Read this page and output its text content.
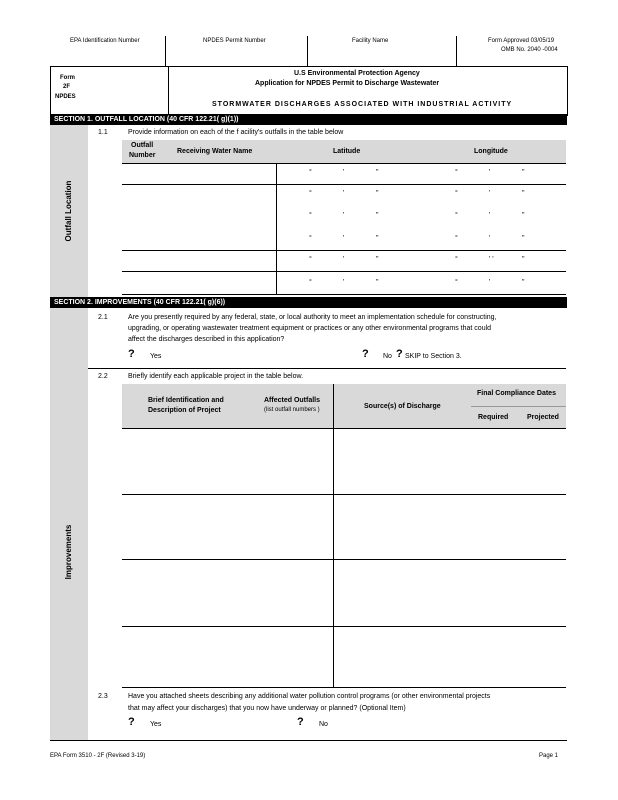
EPA Identification Number	NPDES Permit Number	Facility Name	Form Approved 03/05/19
OMB No. 2040 -0004
Form
2F
NPDES
U.S Environmental Protection Agency
Application for NPDES Permit to Discharge Wastewater
STORMWATER DISCHARGES ASSOCIATED WITH INDUSTRIAL ACTIVITY
SECTION 1. OUTFALL LOCATION (40 CFR 122.21( g)(1))
Outfall Location
1.1	Provide information on each of the f acility's outfalls in the table below
Outfall
Number
Receiving Water Name	Latitude	Longitude
°	'	"	°	'	"
°	'	"	°	'	"
°	'	"	°	'	"
°	'	"	°	'	"
°	'	"	°	' '	"
°	'	"	°	'	"
SECTION 2. IMPROVEMENTS (40 CFR 122.21( g)(6))
Improvements
2.1	Are you presently required by any federal, state, or local authority to meet an implementation schedule for constructing,
upgrading, or operating wastewater treatment equipment or practices or any other environmental programs that could
affect the discharges described in this application?
? Yes	? No ? SKIP to Section 3.
2.2	Briefly identify each applicable project in the table below.
Brief Identification and
Description of Project
Affected Outfalls
(list outfall numbers )	Source(s) of Discharge
Final Compliance Dates
Required	Projected
2.3	Have you attached sheets describing any additional water pollution control programs (or other environmental projects
that may affect your discharges) that you now have underway or planned? (Optional Item)
? Yes	? No
EPA Form 3510 - 2F (Revised 3-19)	Page 1
